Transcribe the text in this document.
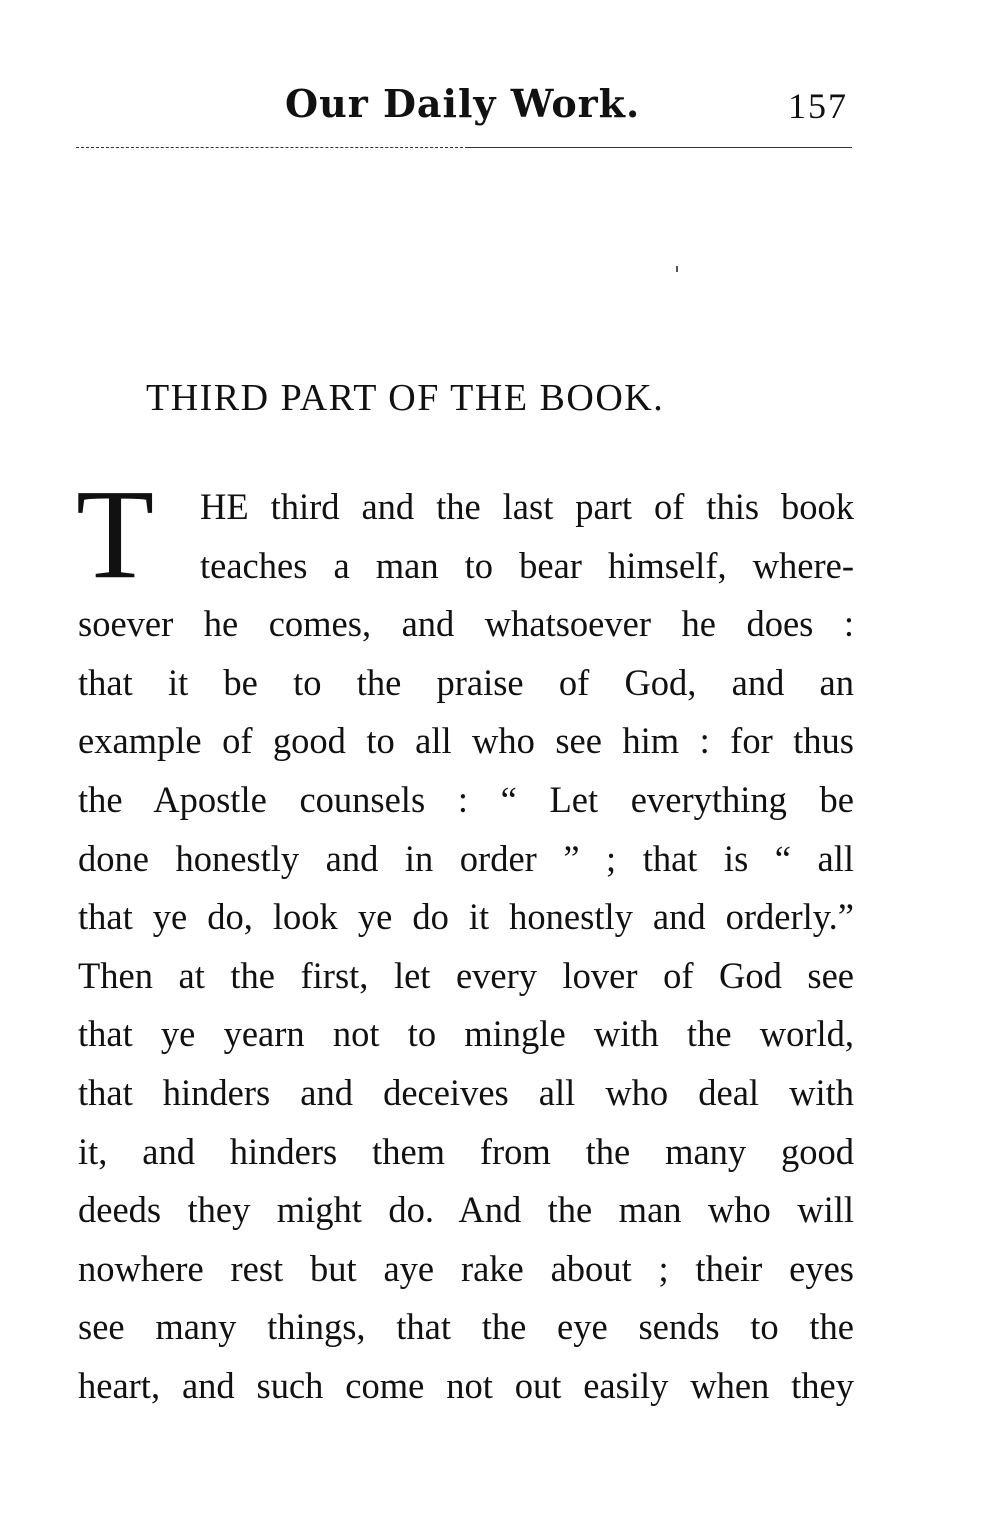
Our Daily Work.	157
THIRD PART OF THE BOOK.
T HE third and the last part of this book
teaches a man to bear himself, where-
soever he comes, and whatsoever he does :
that it be to the praise of God, and an
example of good to all who see him : for thus
the Apostle counsels : “ Let everything be
done honestly and in order ” ; that is “ all
that ye do, look ye do it honestly and orderly.”
Then at the first, let every lover of God see
that ye yearn not to mingle with the world,
that hinders and deceives all who deal with
it, and hinders them from the many good
deeds they might do. And the man who will
nowhere rest but aye rake about ; their eyes
see many things, that the eye sends to the
heart, and such come not out easily when they
